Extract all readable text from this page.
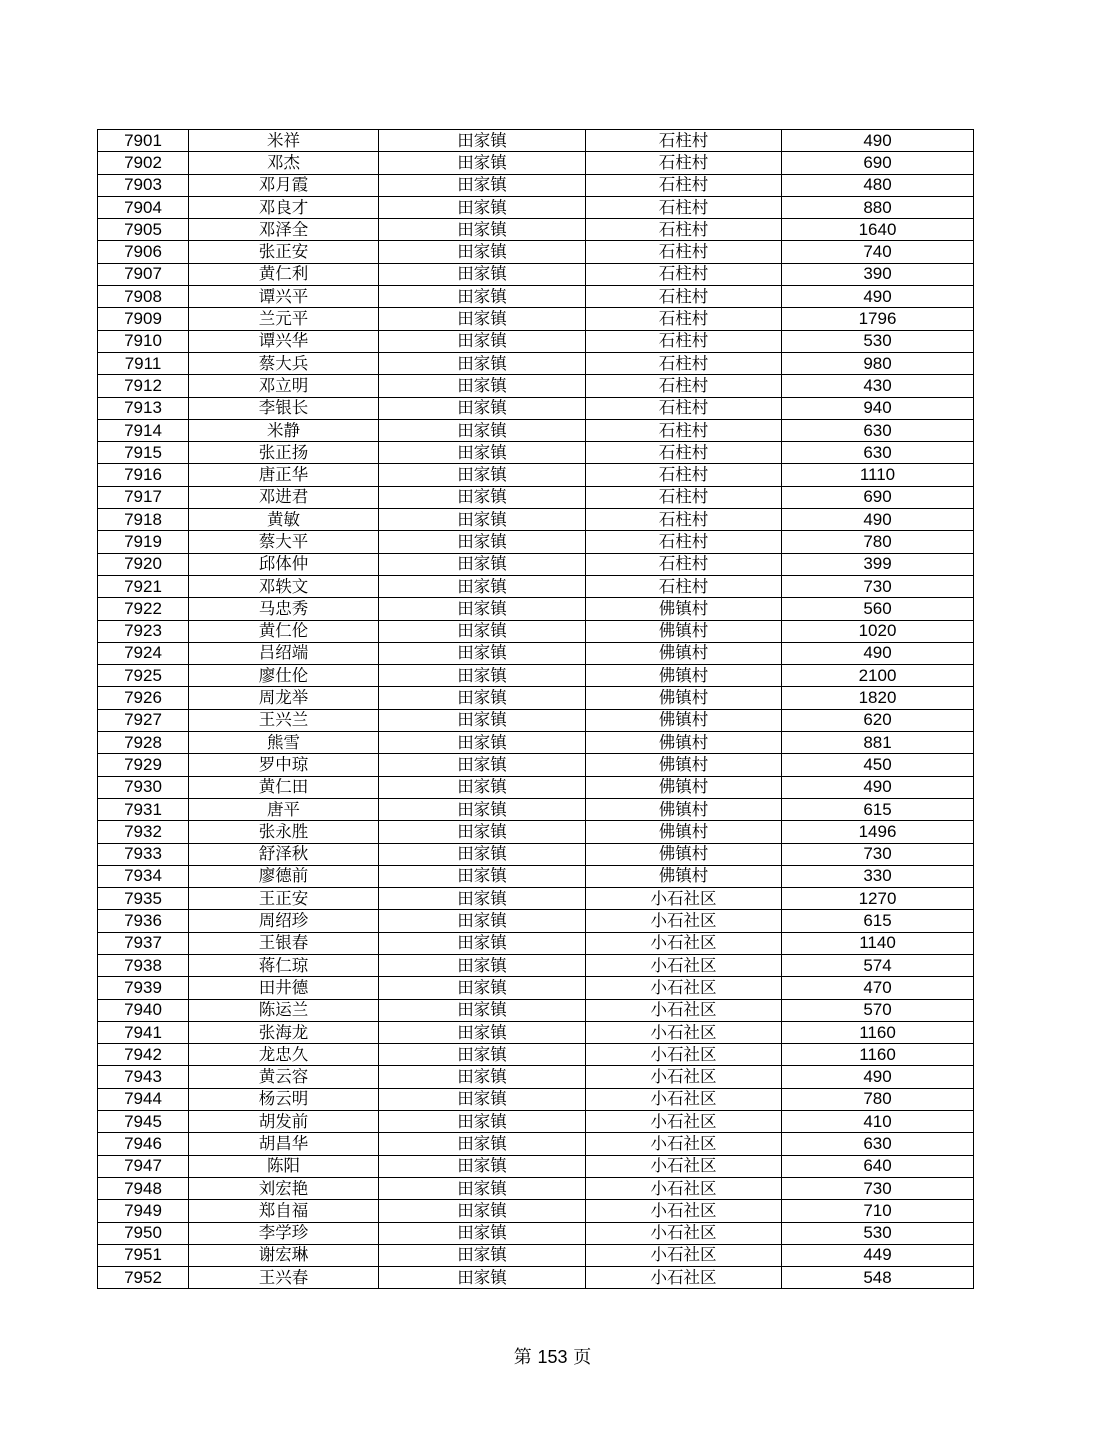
7901	米祥	田家镇	石柱村	490
7902	邓杰	田家镇	石柱村	690
7903	邓月霞	田家镇	石柱村	480
7904	邓良才	田家镇	石柱村	880
7905	邓泽全	田家镇	石柱村	1640
7906	张正安	田家镇	石柱村	740
7907	黄仁利	田家镇	石柱村	390
7908	谭兴平	田家镇	石柱村	490
7909	兰元平	田家镇	石柱村	1796
7910	谭兴华	田家镇	石柱村	530
7911	蔡大兵	田家镇	石柱村	980
7912	邓立明	田家镇	石柱村	430
7913	李银长	田家镇	石柱村	940
7914	米静	田家镇	石柱村	630
7915	张正扬	田家镇	石柱村	630
7916	唐正华	田家镇	石柱村	1110
7917	邓进君	田家镇	石柱村	690
7918	黄敏	田家镇	石柱村	490
7919	蔡大平	田家镇	石柱村	780
7920	邱体仲	田家镇	石柱村	399
7921	邓轶文	田家镇	石柱村	730
7922	马忠秀	田家镇	佛镇村	560
7923	黄仁伦	田家镇	佛镇村	1020
7924	吕绍端	田家镇	佛镇村	490
7925	廖仕伦	田家镇	佛镇村	2100
7926	周龙举	田家镇	佛镇村	1820
7927	王兴兰	田家镇	佛镇村	620
7928	熊雪	田家镇	佛镇村	881
7929	罗中琼	田家镇	佛镇村	450
7930	黄仁田	田家镇	佛镇村	490
7931	唐平	田家镇	佛镇村	615
7932	张永胜	田家镇	佛镇村	1496
7933	舒泽秋	田家镇	佛镇村	730
7934	廖德前	田家镇	佛镇村	330
7935	王正安	田家镇	小石社区	1270
7936	周绍珍	田家镇	小石社区	615
7937	王银春	田家镇	小石社区	1140
7938	蒋仁琼	田家镇	小石社区	574
7939	田井德	田家镇	小石社区	470
7940	陈运兰	田家镇	小石社区	570
7941	张海龙	田家镇	小石社区	1160
7942	龙忠久	田家镇	小石社区	1160
7943	黄云容	田家镇	小石社区	490
7944	杨云明	田家镇	小石社区	780
7945	胡发前	田家镇	小石社区	410
7946	胡昌华	田家镇	小石社区	630
7947	陈阳	田家镇	小石社区	640
7948	刘宏艳	田家镇	小石社区	730
7949	郑自福	田家镇	小石社区	710
7950	李学珍	田家镇	小石社区	530
7951	谢宏琳	田家镇	小石社区	449
7952	王兴春	田家镇	小石社区	548
第 153 页
